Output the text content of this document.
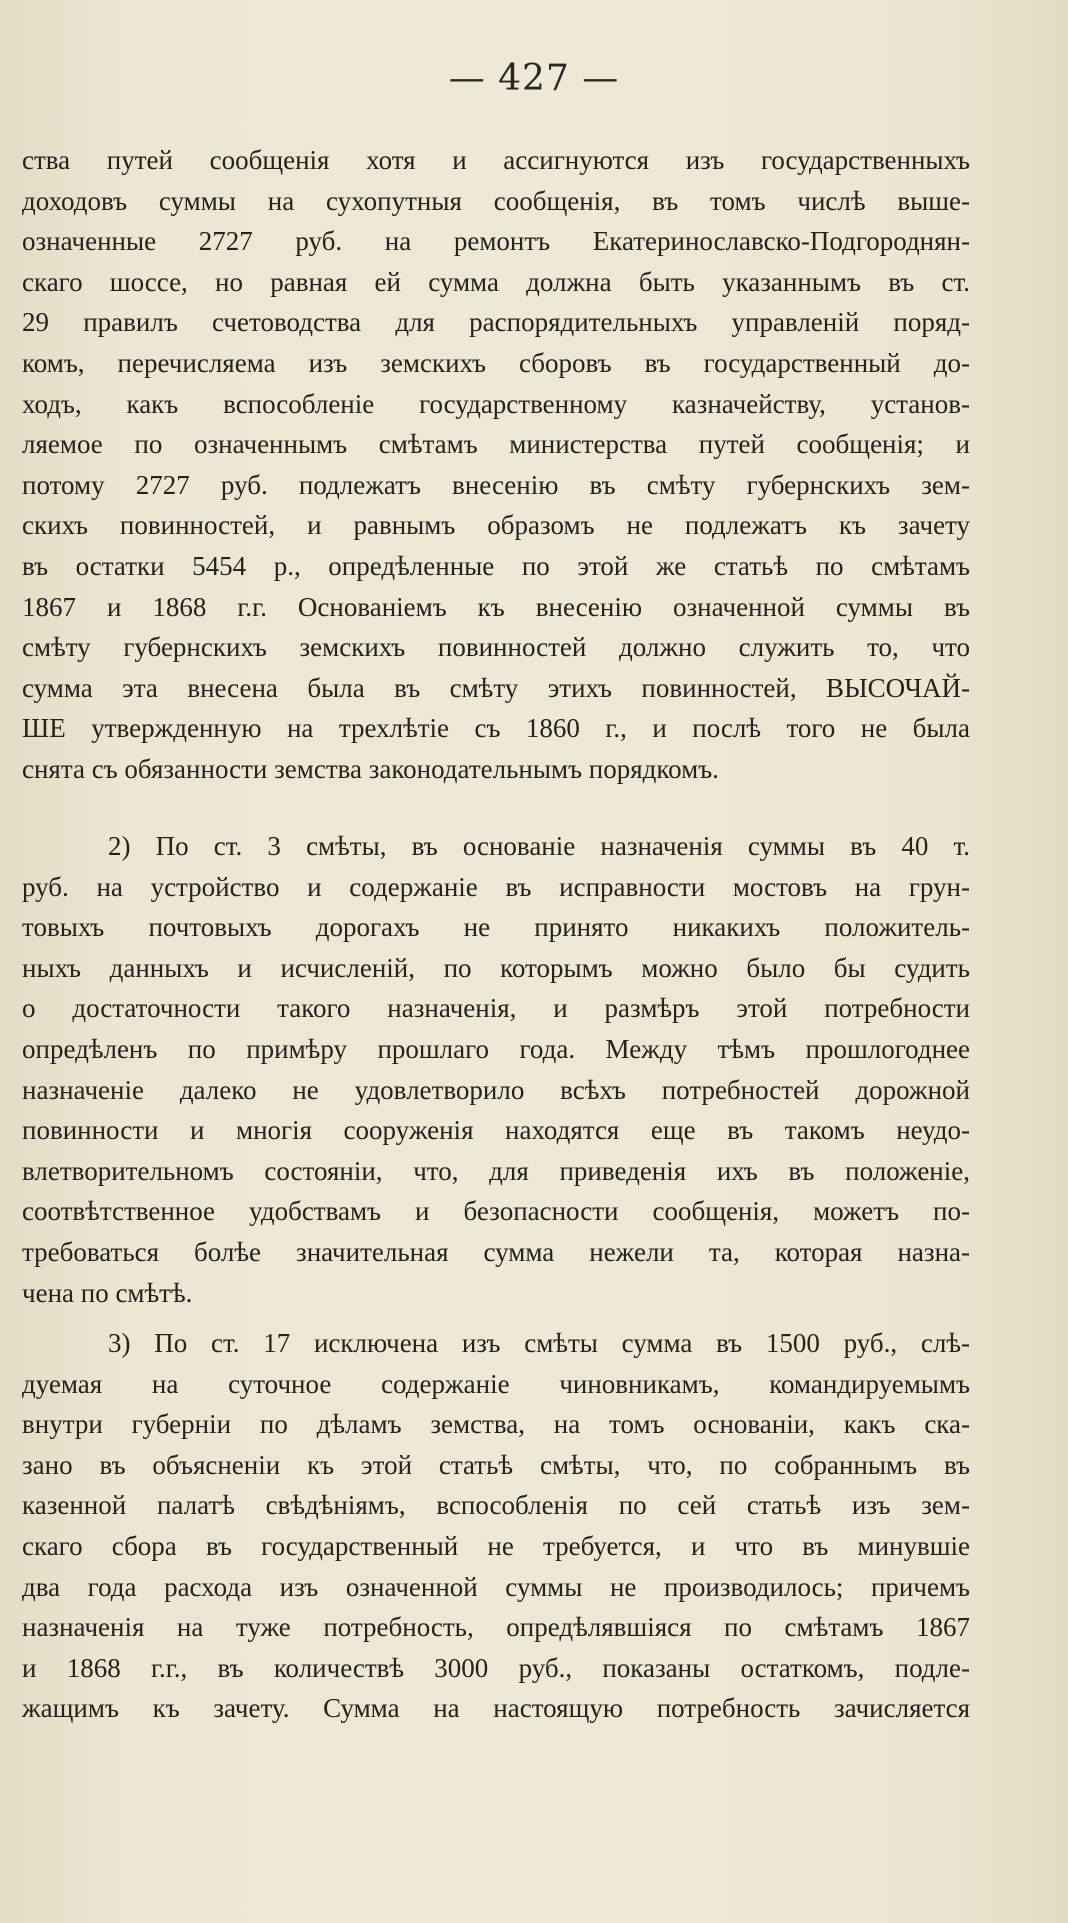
— 427 —
ства путей сообщенія хотя и ассигнуются изъ государственныхъ
доходовъ суммы на сухопутныя сообщенія, въ томъ числѣ выше-
означенные 2727 руб. на ремонтъ Екатеринославско-Подгороднян-
скаго шоссе, но равная ей сумма должна быть указаннымъ въ ст.
29 правилъ счетоводства для распорядительныхъ управленій поряд-
комъ, перечисляема изъ земскихъ сборовъ въ государственный до-
ходъ, какъ вспособленіе государственному казначейству, установ-
ляемое по означеннымъ смѣтамъ министерства путей сообщенія; и
потому 2727 руб. подлежатъ внесенію въ смѣту губернскихъ зем-
скихъ повинностей, и равнымъ образомъ не подлежатъ къ зачету
въ остатки 5454 р., опредѣленные по этой же статьѣ по смѣтамъ
1867 и 1868 г.г. Основаніемъ къ внесенію означенной суммы въ
смѣту губернскихъ земскихъ повинностей должно служить то, что
сумма эта внесена была въ смѣту этихъ повинностей, ВЫСОЧАЙ-
ШЕ утвержденную на трехлѣтіе съ 1860 г., и послѣ того не была
снята съ обязанности земства законодательнымъ порядкомъ.
2) По ст. 3 смѣты, въ основаніе назначенія суммы въ 40 т.
руб. на устройство и содержаніе въ исправности мостовъ на грун-
товыхъ почтовыхъ дорогахъ не принято никакихъ положитель-
ныхъ данныхъ и исчисленій, по которымъ можно было бы судить
о достаточности такого назначенія, и размѣръ этой потребности
опредѣленъ по примѣру прошлаго года. Между тѣмъ прошлогоднее
назначеніе далеко не удовлетворило всѣхъ потребностей дорожной
повинности и многія сооруженія находятся еще въ такомъ неудо-
влетворительномъ состояніи, что, для приведенія ихъ въ положеніе,
соотвѣтственное удобствамъ и безопасности сообщенія, можетъ по-
требоваться болѣе значительная сумма нежели та, которая назна-
чена по смѣтѣ.
3) По ст. 17 исключена изъ смѣты сумма въ 1500 руб., слѣ-
дуемая на суточное содержаніе чиновникамъ, командируемымъ
внутри губерніи по дѣламъ земства, на томъ основаніи, какъ ска-
зано въ объясненіи къ этой статьѣ смѣты, что, по собраннымъ въ
казенной палатѣ свѣдѣніямъ, вспособленія по сей статьѣ изъ зем-
скаго сбора въ государственный не требуется, и что въ минувшіе
два года расхода изъ означенной суммы не производилось; причемъ
назначенія на туже потребность, опредѣлявшіяся по смѣтамъ 1867
и 1868 г.г., въ количествѣ 3000 руб., показаны остаткомъ, подле-
жащимъ къ зачету. Сумма на настоящую потребность зачисляется
